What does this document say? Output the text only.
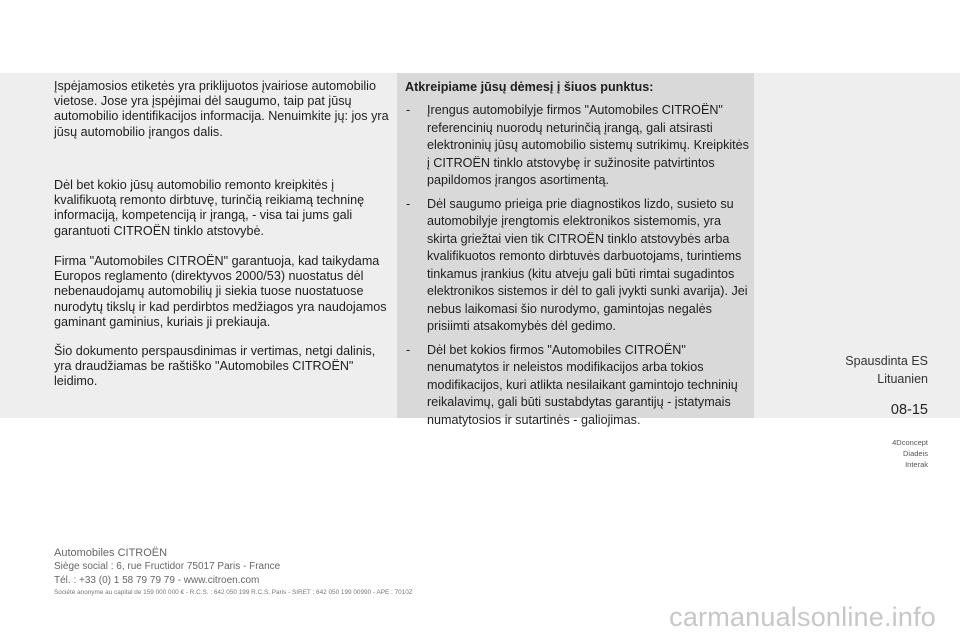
Įspėjamosios etiketės yra priklijuotos įvairiose automobilio vietose. Jose yra įspėjimai dėl saugumo, taip pat jūsų automobilio identifikacijos informacija. Nenuimkite jų: jos yra jūsų automobilio įrangos dalis.

Dėl bet kokio jūsų automobilio remonto kreipkitės į kvalifikuotą remonto dirbtuvę, turinčią reikiamą techninę informaciją, kompetenciją ir įrangą, - visa tai jums gali garantuoti CITROËN tinklo atstovybė.

Firma "Automobiles CITROËN" garantuoja, kad taikydama Europos reglamento (direktyvos 2000/53) nuostatus dėl nebenaudojamų automobilių ji siekia tuose nuostatuose nurodytų tikslų ir kad perdirbtos medžiagos yra naudojamos gaminant gaminius, kuriais ji prekiauja.

Šio dokumento perspausdinimas ir vertimas, netgi dalinis, yra draudžiamas be raštiško "Automobiles CITROËN" leidimo.

Atkreipiame jūsų dėmesį į šiuos punktus:
- Įrengus automobilyje firmos "Automobiles CITROËN" referencinių nuorodų neturinčią įrangą, gali atsirasti elektroninių jūsų automobilio sistemų sutrikimų. Kreipkitės į CITROËN tinklo atstovybę ir sužinosite patvirtintos papildomos įrangos asortimentą.
- Dėl saugumo prieiga prie diagnostikos lizdo, susieto su automobilyje įrengtomis elektronikos sistemomis, yra skirta griežtai vien tik CITROËN tinklo atstovybės arba kvalifikuotos remonto dirbtuvės darbuotojams, turintiems tinkamus įrankius (kitu atveju gali būti rimtai sugadintos elektronikos sistemos ir dėl to gali įvykti sunki avarija). Jei nebus laikomasi šio nurodymo, gamintojas negalės prisiimti atsakomybės dėl gedimo.
- Dėl bet kokios firmos "Automobiles CITROËN" nenumatytos ir neleistos modifikacijos arba tokios modifikacijos, kuri atlikta nesilaikant gamintojo techninių reikalavimų, gali būti sustabdytas garantijų - įstatymais numatytosios ir sutartinės - galiojimas.
Spausdinta ES
Lituanien
08-15
4Dconcept
Diadeis
Interak
Automobiles CITROËN
Siège social : 6, rue Fructidor 75017 Paris - France
Tél. : +33 (0) 1 58 79 79 79 - www.citroen.com
Société anonyme au capital de 159 000 000 € - R.C.S. : 642 050 199 R.C.S. Paris - SIRET : 642 050 199 00990 - APE : 7010Z
carmanualsonline.info
